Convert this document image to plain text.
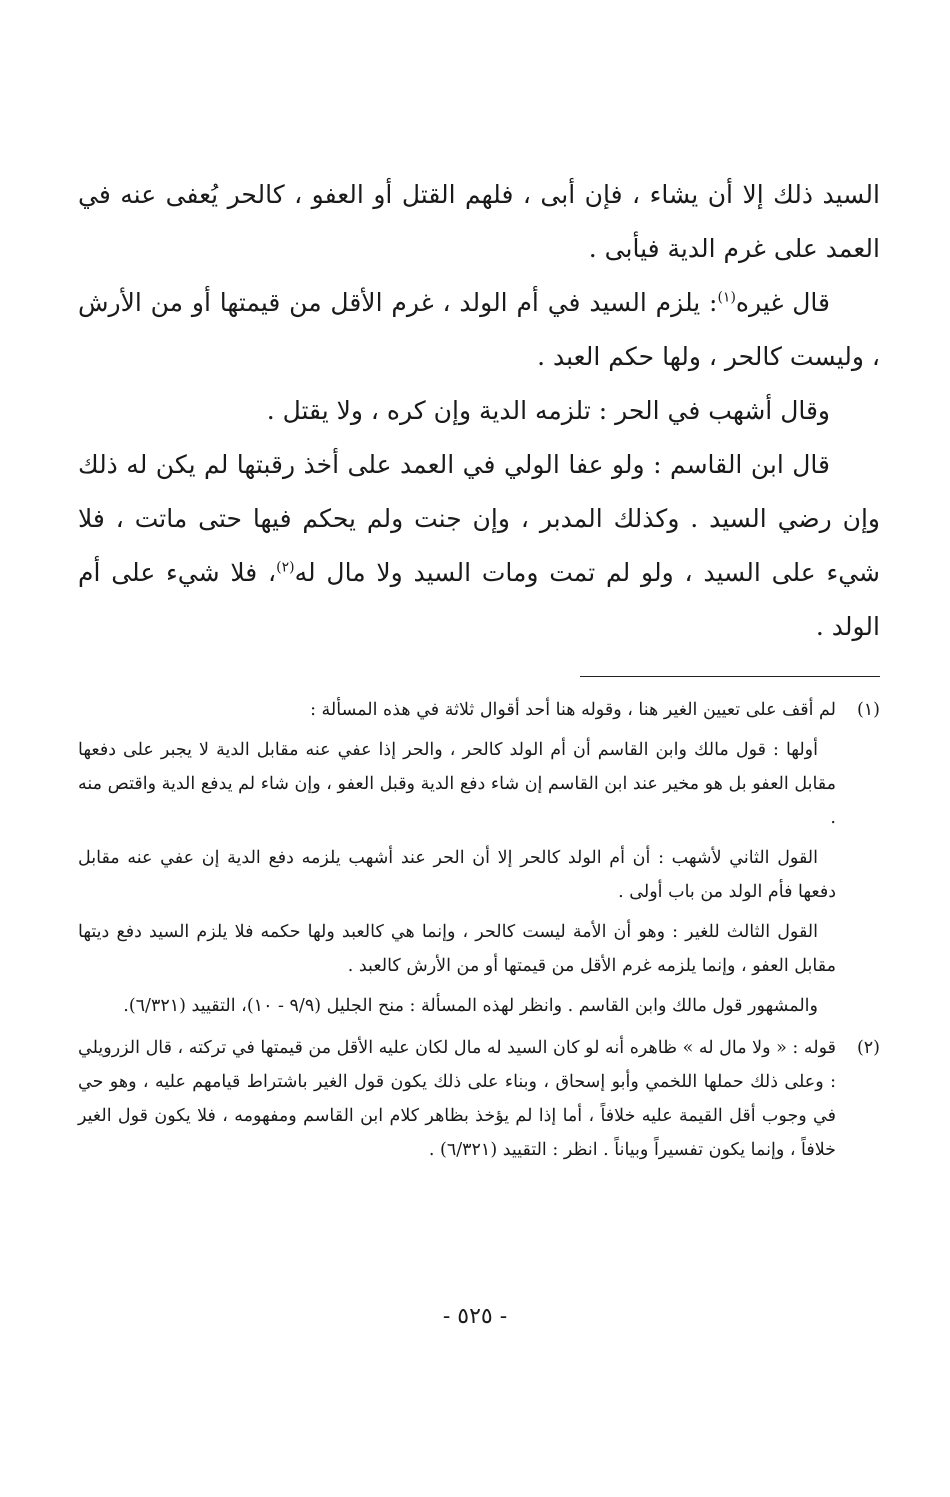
السيد ذلك إلا أن يشاء ، فإن أبى ، فلهم القتل أو العفو ، كالحر يُعفى عنه في العمد على غرم الدية فيأبى .

قال غيره$^{(١)}$: يلزم السيد في أم الولد ، غرم الأقل من قيمتها أو من الأرش ، وليست كالحر ، ولها حكم العبد .

وقال أشهب في الحر : تلزمه الدية وإن كره ، ولا يقتل .

قال ابن القاسم : ولو عفا الولي في العمد على أخذ رقبتها لم يكن له ذلك وإن رضي السيد . وكذلك المدبر ، وإن جنت ولم يحكم فيها حتى ماتت ، فلا شيء على السيد ، ولو لم تمت ومات السيد ولا مال له$^{(٢)}$، فلا شيء على أم الولد .

(١)

لم أقف على تعيين الغير هنا ، وقوله هنا أحد أقوال ثلاثة في هذه المسألة :

أولها : قول مالك وابن القاسم أن أم الولد كالحر ، والحر إذا عفي عنه مقابل الدية لا يجبر على دفعها مقابل العفو بل هو مخير عند ابن القاسم إن شاء دفع الدية وقبل العفو ، وإن شاء لم يدفع الدية واقتص منه .

القول الثاني لأشهب : أن أم الولد كالحر إلا أن الحر عند أشهب يلزمه دفع الدية إن عفي عنه مقابل دفعها فأم الولد من باب أولى .

القول الثالث للغير : وهو أن الأمة ليست كالحر ، وإنما هي كالعبد ولها حكمه فلا يلزم السيد دفع ديتها مقابل العفو ، وإنما يلزمه غرم الأقل من قيمتها أو من الأرش كالعبد .

والمشهور قول مالك وابن القاسم . وانظر لهذه المسألة : منح الجليل (٩/٩ - ١٠)، التقييد (٦/٣٢١).

(٢)

قوله : « ولا مال له » ظاهره أنه لو كان السيد له مال لكان عليه الأقل من قيمتها في تركته ، قال الزرويلي : وعلى ذلك حملها اللخمي وأبو إسحاق ، وبناء على ذلك يكون قول الغير باشتراط قيامهم عليه ، وهو حي في وجوب أقل القيمة عليه خلافاً ، أما إذا لم يؤخذ بظاهر كلام ابن القاسم ومفهومه ، فلا يكون قول الغير خلافاً ، وإنما يكون تفسيراً وبياناً . انظر : التقييد (٦/٣٢١) .

- ٥٢٥ -
